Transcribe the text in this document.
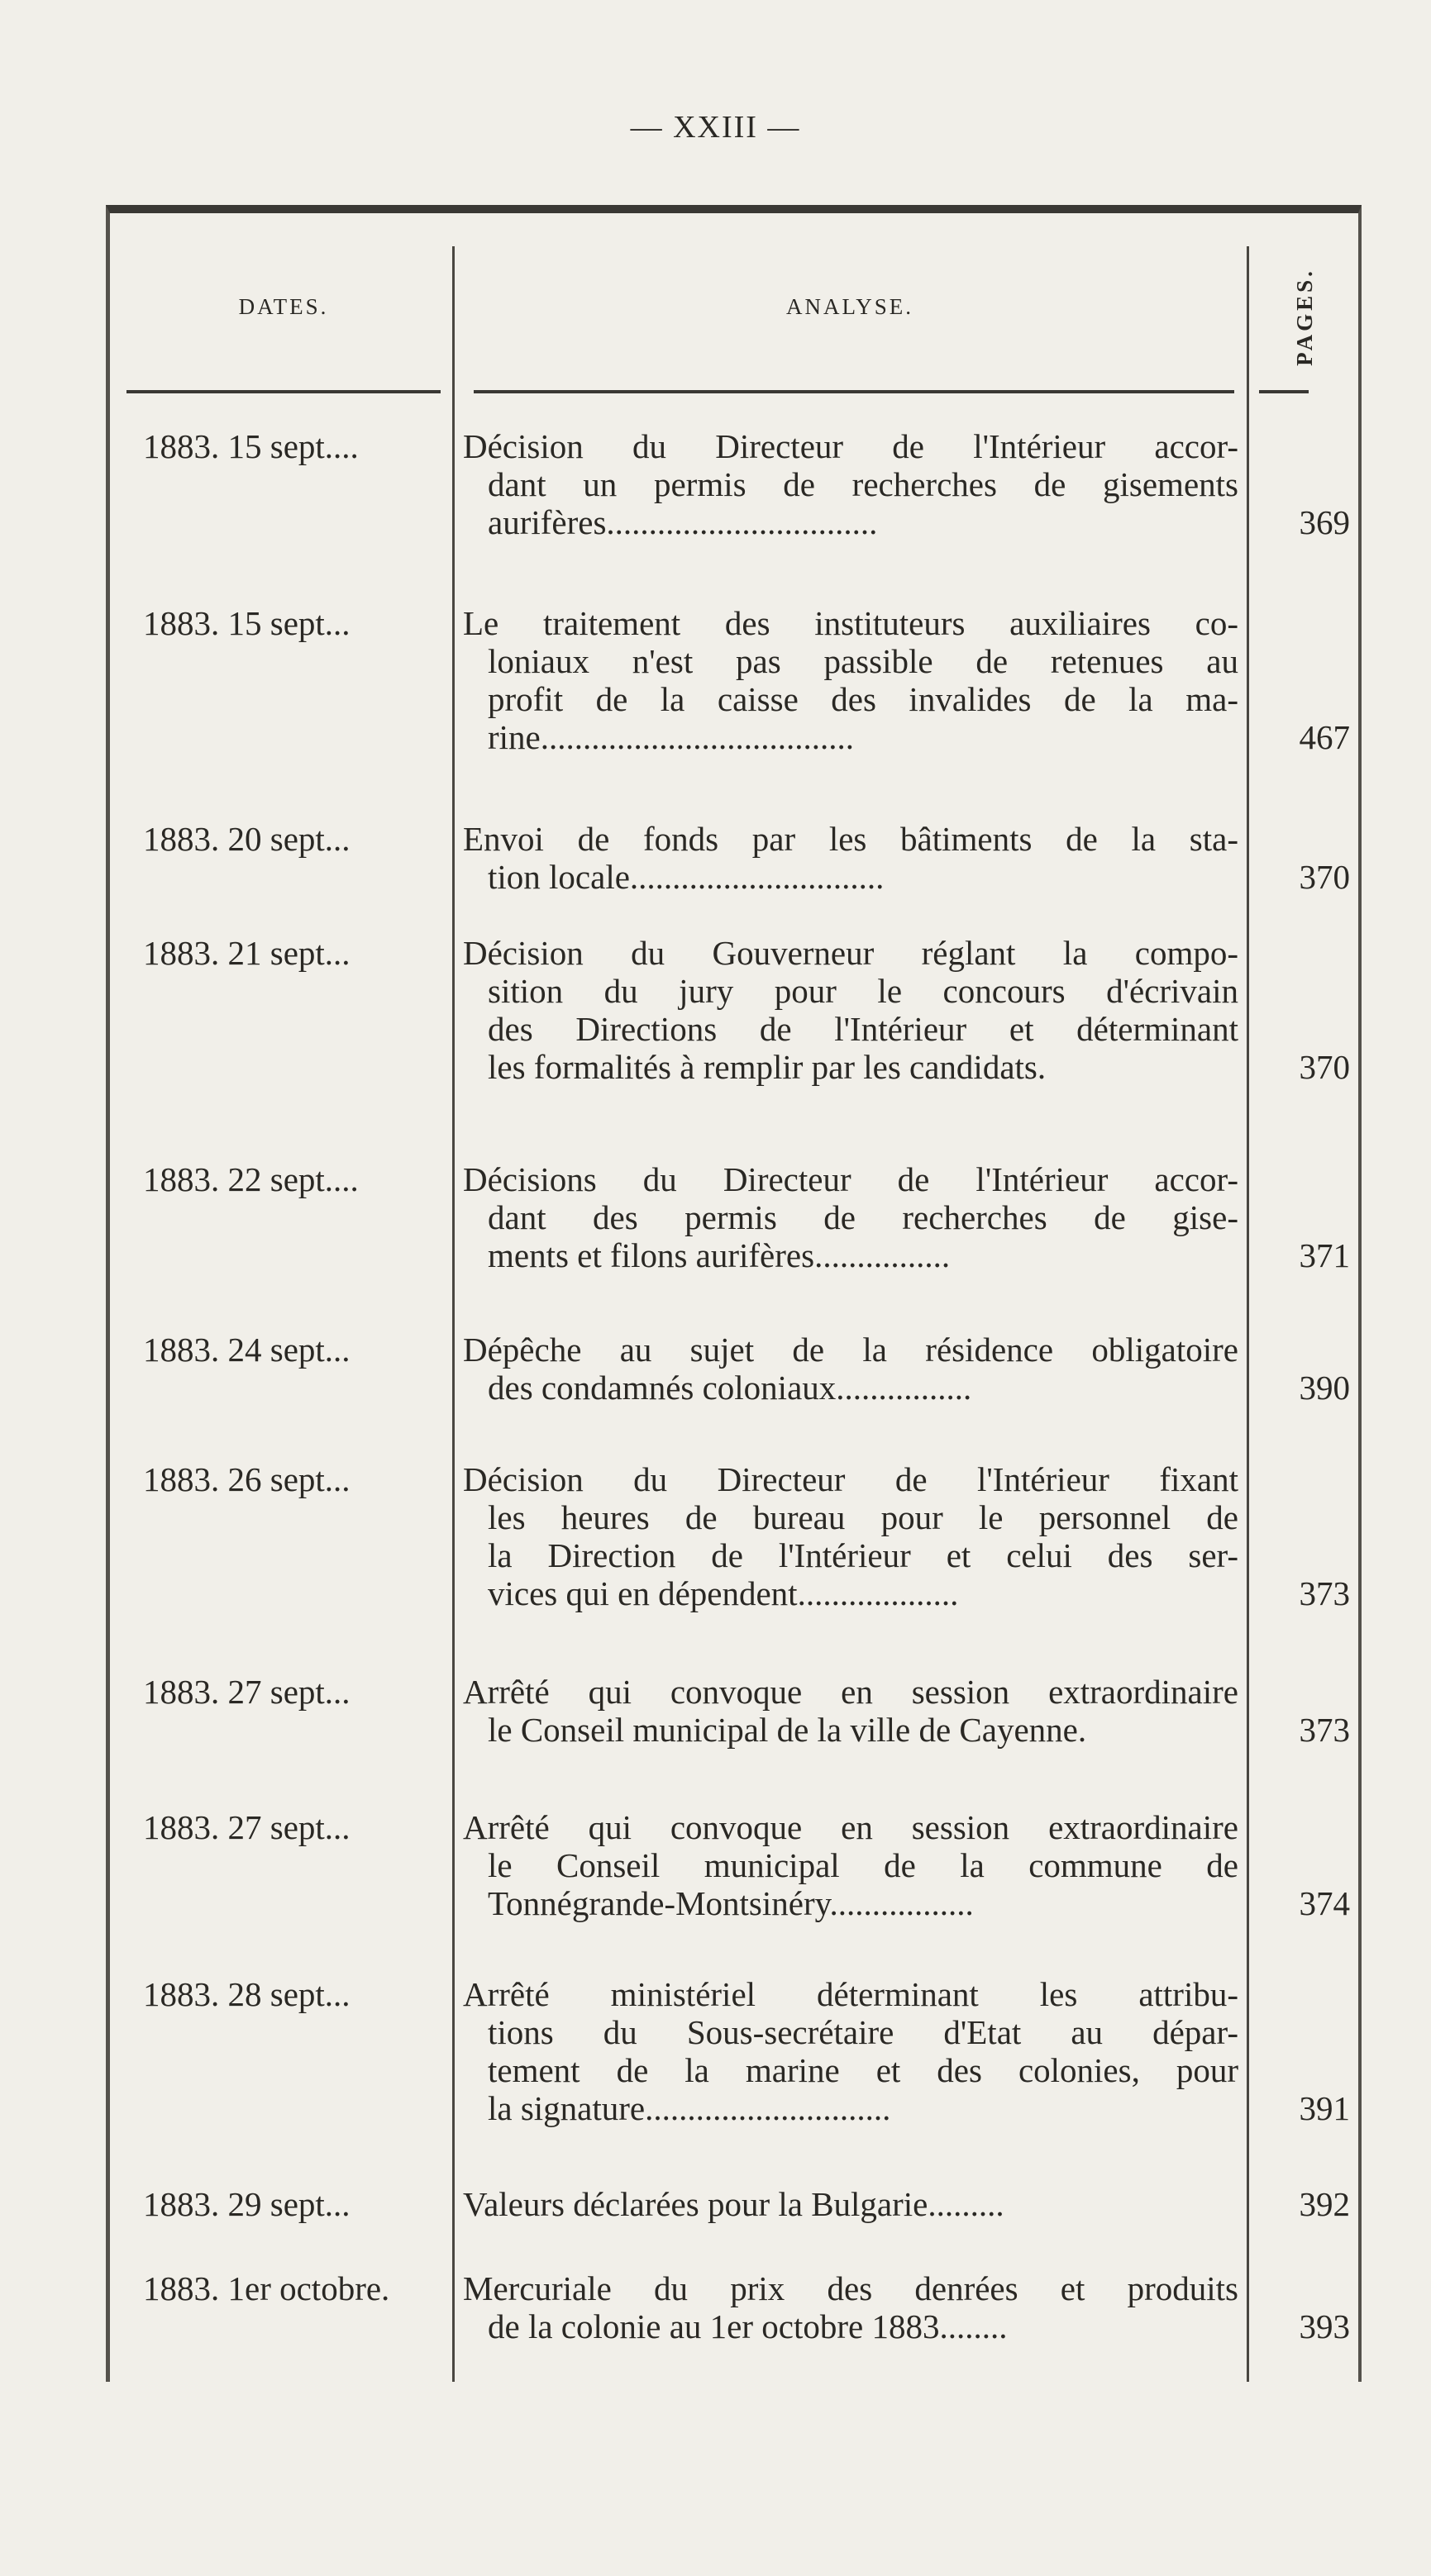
— XXIII —
DATES.	ANALYSE.	PAGES.
1883. 15 sept....	Décision du Directeur de l'Intérieur accor-
dant un permis de recherches de gisements
aurifères................................	369
1883. 15 sept...	Le traitement des instituteurs auxiliaires co-
loniaux n'est pas passible de retenues au
profit de la caisse des invalides de la ma-
rine.....................................	467
1883. 20 sept...	Envoi de fonds par les bâtiments de la sta-
tion locale..............................	370
1883. 21 sept...	Décision du Gouverneur réglant la compo-
sition du jury pour le concours d'écrivain
des Directions de l'Intérieur et déterminant
les formalités à remplir par les candidats.	370
1883. 22 sept....	Décisions du Directeur de l'Intérieur accor-
dant des permis de recherches de gise-
ments et filons aurifères................	371
1883. 24 sept...	Dépêche au sujet de la résidence obligatoire
des condamnés coloniaux................	390
1883. 26 sept...	Décision du Directeur de l'Intérieur fixant
les heures de bureau pour le personnel de
la Direction de l'Intérieur et celui des ser-
vices qui en dépendent...................	373
1883. 27 sept...	Arrêté qui convoque en session extraordinaire
le Conseil municipal de la ville de Cayenne.	373
1883. 27 sept...	Arrêté qui convoque en session extraordinaire
le Conseil municipal de la commune de
Tonnégrande-Montsinéry.................	374
1883. 28 sept...	Arrêté ministériel déterminant les attribu-
tions du Sous-secrétaire d'Etat au dépar-
tement de la marine et des colonies, pour
la signature.............................	391
1883. 29 sept...	Valeurs déclarées pour la Bulgarie.........	392
1883. 1er octobre.	Mercuriale du prix des denrées et produits
de la colonie au 1er octobre 1883........	393
